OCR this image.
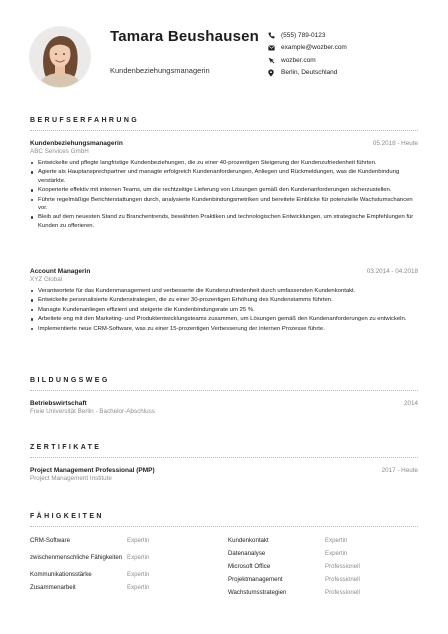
Tamara Beushausen
Kundenbeziehungsmanagerin
(555) 789-0123
example@wozber.com
wozber.com
Berlin, Deutschland
BERUFSERFAHRUNG
Kundenbeziehungsmanagerin	05.2018 - Heute
ABC Services GmbH
Entwickelte und pflegte langfristige Kundenbeziehungen, die zu einer 40-prozentigen Steigerung der Kundenzufriedenheit führten.
Agierte als Hauptansprechpartner und managte erfolgreich Kundenanforderungen, Anliegen und Rückmeldungen, was die Kundenbindung verstärkte.
Kooperierte effektiv mit internen Teams, um die rechtzeitige Lieferung von Lösungen gemäß den Kundenanforderungen sicherzustellen.
Führte regelmäßige Berichterstattungen durch, analysierte Kundenbindungsmetriken und bereitete Einblicke für potenzielle Wachstumschancen vor.
Bleib auf dem neuesten Stand zu Branchentrends, bewährten Praktiken und technologischen Entwicklungen, um strategische Empfehlungen für Kunden zu offerieren.
Account Managerin	03.2014 - 04.2018
XYZ Global
Verantwortete für das Kundenmanagement und verbesserte die Kundenzufriedenheit durch umfassenden Kundenkontakt.
Entwickelte personalisierte Kundenstrategien, die zu einer 30-prozentigen Erhöhung des Kundenstamms führten.
Managte Kundenanliegen effizient und steigerte die Kundenbindungsrate um 25 %.
Arbeitete eng mit den Marketing- und Produktentwicklungsteams zusammen, um Lösungen gemäß den Kundenanforderungen zu entwickeln.
Implementierte neue CRM-Software, was zu einer 15-prozentigen Verbesserung der internen Prozesse führte.
BILDUNGSWEG
Betriebswirtschaft	2014
Freie Universität Berlin - Bachelor-Abschluss
ZERTIFIKATE
Project Management Professional (PMP)	2017 - Heute
Project Management Institute
FÄHIGKEITEN
CRM-Software	Expertin
zwischenmenschliche Fähigkeiten Expertin
Kommunikationsstärke	Expertin
Zusammenarbeit	Expertin
Kundenkontakt	Expertin
Datenanalyse	Expertin
Microsoft Office	Professionell
Projektmanagement	Professionell
Wachstumsstrategien	Professionell
